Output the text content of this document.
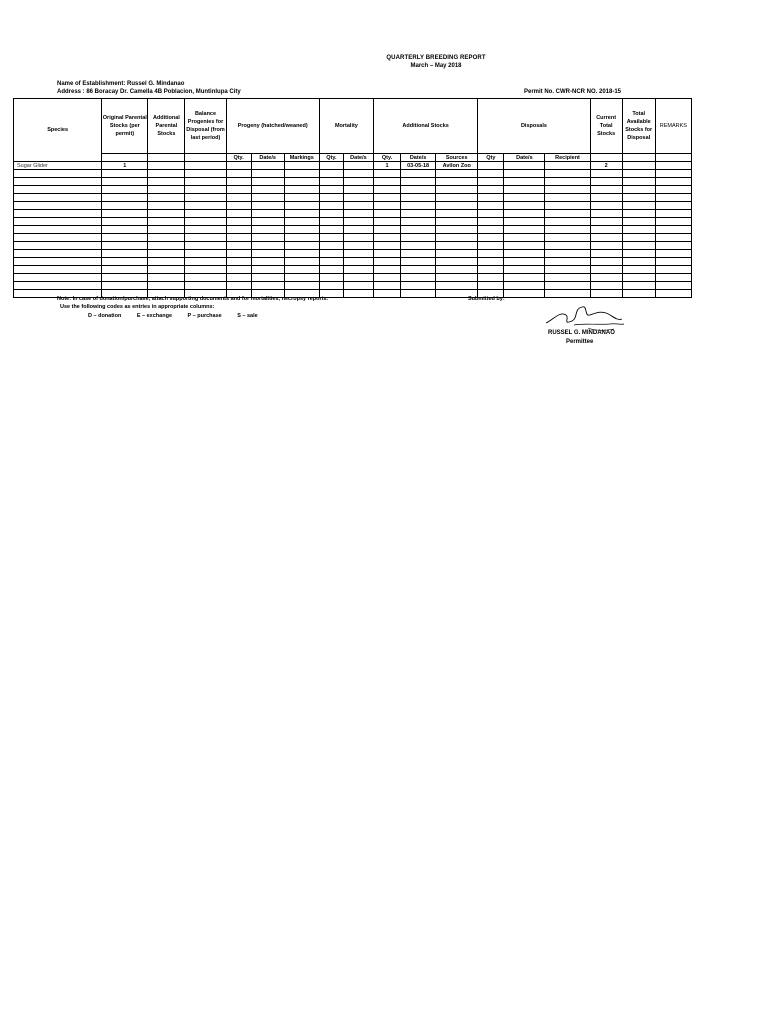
QUARTERLY BREEDING REPORT
March – May 2018
Name of Establishment: Russel G. Mindanao
Address : 86 Boracay Dr. Camella 4B Poblacion, Muntinlupa City	Permit No. CWR-NCR NO. 2018-15
Species	Original Parental Stocks (per permit)	Additional Parental Stocks	Balance Progenies for Disposal (from last period)	Progeny (hatched/weaned)			Mortality		Additional Stocks			Disposals			Current Total Stocks	Total Available Stocks for Disposal	REMARKS
				Qty.	Date/s	Markings	Qty.	Date/s	Qty.	Date/s	Sources	Qty	Date/s	Recipient			
Sugar Glider	1								1	03-05-18	Avilon Zoo				2		

Note: In case of donation/purchase, attach supporting documents and for mortalities, necropsy reports.
Use the following codes as entries in appropriate columns:
D – donation	E – exchange	P – purchase	S – sale
Submitted by:
RUSSEL G. MINDANAO
Permittee
